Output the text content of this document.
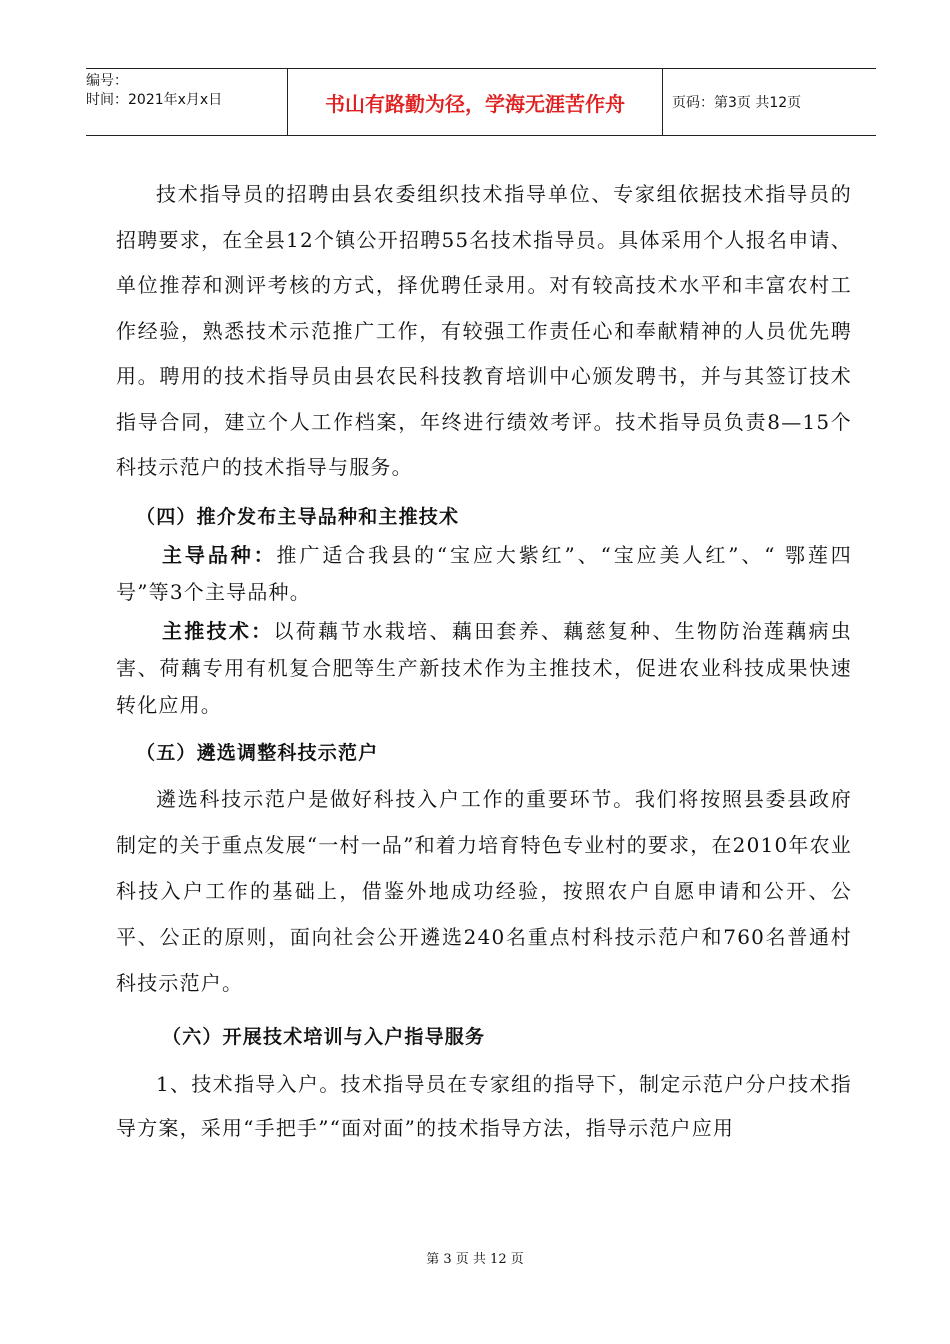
编号：
时间：2021年x月x日	书山有路勤为径，学海无涯苦作舟	页码：第3页 共12页

技术指导员的招聘由县农委组织技术指导单位、专家组依据技术指导员的招聘要求，在全县12个镇公开招聘55名技术指导员。具体采用个人报名申请、单位推荐和测评考核的方式，择优聘任录用。对有较高技术水平和丰富农村工作经验，熟悉技术示范推广工作，有较强工作责任心和奉献精神的人员优先聘用。聘用的技术指导员由县农民科技教育培训中心颁发聘书，并与其签订技术指导合同，建立个人工作档案，年终进行绩效考评。技术指导员负责8—15个科技示范户的技术指导与服务。

（四）推介发布主导品种和主推技术

主导品种：推广适合我县的“宝应大紫红”、“宝应美人红”、“ 鄂莲四号”等3个主导品种。

主推技术：以荷藕节水栽培、藕田套养、藕慈复种、生物防治莲藕病虫害、荷藕专用有机复合肥等生产新技术作为主推技术，促进农业科技成果快速转化应用。

（五）遴选调整科技示范户

遴选科技示范户是做好科技入户工作的重要环节。我们将按照县委县政府制定的关于重点发展“一村一品”和着力培育特色专业村的要求，在2010年农业科技入户工作的基础上，借鉴外地成功经验，按照农户自愿申请和公开、公平、公正的原则，面向社会公开遴选240名重点村科技示范户和760名普通村科技示范户。

（六）开展技术培训与入户指导服务

1、技术指导入户。技术指导员在专家组的指导下，制定示范户分户技术指导方案，采用“手把手”“面对面”的技术指导方法，指导示范户应用

第 3 页 共 12 页
